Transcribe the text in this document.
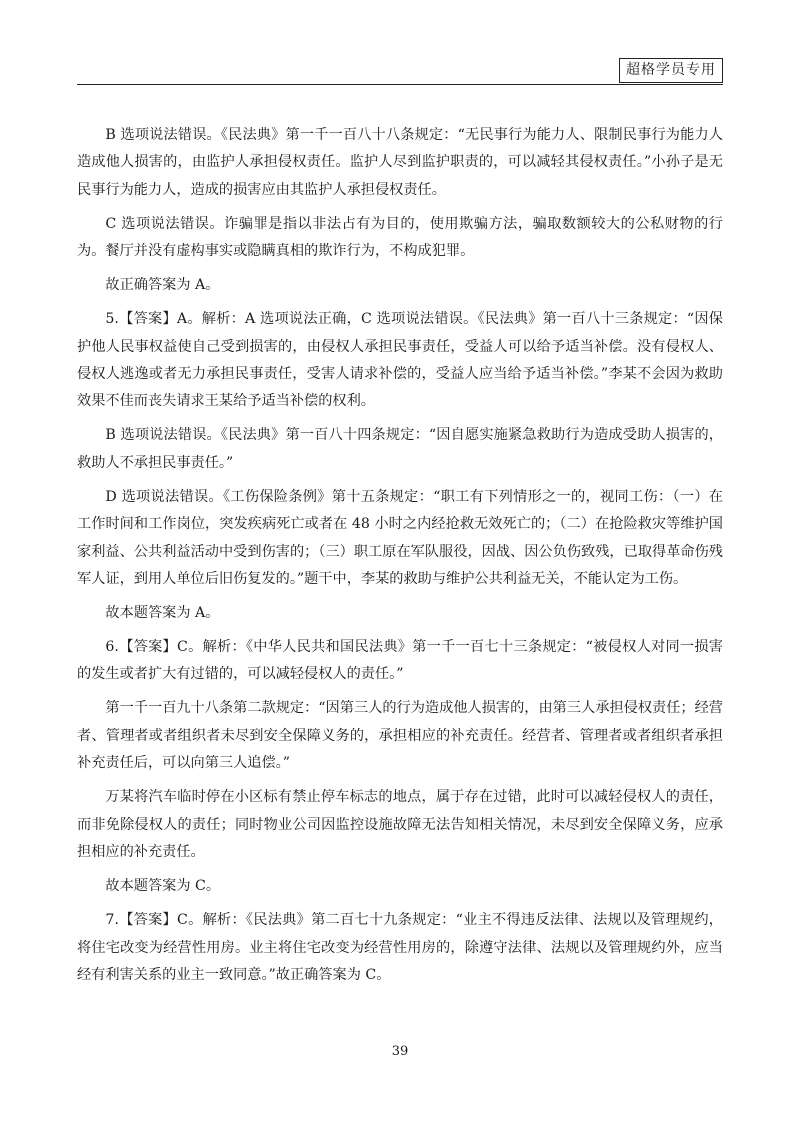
超格学员专用

B 选项说法错误。《民法典》第一千一百八十八条规定：“无民事行为能力人、限制民事行为能力人造成他人损害的，由监护人承担侵权责任。监护人尽到监护职责的，可以减轻其侵权责任。”小孙子是无民事行为能力人，造成的损害应由其监护人承担侵权责任。

C 选项说法错误。诈骗罪是指以非法占有为目的，使用欺骗方法，骗取数额较大的公私财物的行为。餐厅并没有虚构事实或隐瞒真相的欺诈行为，不构成犯罪。

故正确答案为 A。

5.【答案】A。解析：A 选项说法正确，C 选项说法错误。《民法典》第一百八十三条规定：“因保护他人民事权益使自己受到损害的，由侵权人承担民事责任，受益人可以给予适当补偿。没有侵权人、侵权人逃逸或者无力承担民事责任，受害人请求补偿的，受益人应当给予适当补偿。”李某不会因为救助效果不佳而丧失请求王某给予适当补偿的权利。

B 选项说法错误。《民法典》第一百八十四条规定：“因自愿实施紧急救助行为造成受助人损害的，救助人不承担民事责任。”

D 选项说法错误。《工伤保险条例》第十五条规定：“职工有下列情形之一的，视同工伤：（一）在工作时间和工作岗位，突发疾病死亡或者在 48 小时之内经抢救无效死亡的；（二）在抢险救灾等维护国家利益、公共利益活动中受到伤害的；（三）职工原在军队服役，因战、因公负伤致残，已取得革命伤残军人证，到用人单位后旧伤复发的。”题干中，李某的救助与维护公共利益无关，不能认定为工伤。

故本题答案为 A。

6.【答案】C。解析：《中华人民共和国民法典》第一千一百七十三条规定：“被侵权人对同一损害的发生或者扩大有过错的，可以减轻侵权人的责任。”

第一千一百九十八条第二款规定：“因第三人的行为造成他人损害的，由第三人承担侵权责任；经营者、管理者或者组织者未尽到安全保障义务的，承担相应的补充责任。经营者、管理者或者组织者承担补充责任后，可以向第三人追偿。”

万某将汽车临时停在小区标有禁止停车标志的地点，属于存在过错，此时可以减轻侵权人的责任，而非免除侵权人的责任；同时物业公司因监控设施故障无法告知相关情况，未尽到安全保障义务，应承担相应的补充责任。

故本题答案为 C。

7.【答案】C。解析：《民法典》第二百七十九条规定：“业主不得违反法律、法规以及管理规约，将住宅改变为经营性用房。业主将住宅改变为经营性用房的，除遵守法律、法规以及管理规约外，应当经有利害关系的业主一致同意。”故正确答案为 C。

39
